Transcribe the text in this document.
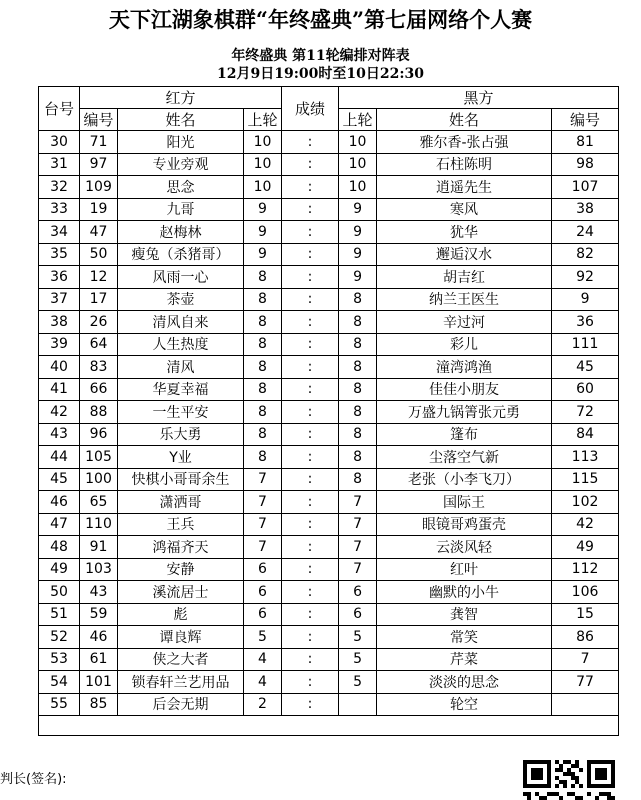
天下江湖象棋群“年终盛典”第七届网络个人赛
年终盛典 第11轮编排对阵表
12月9日19:00时至10日22:30
台号	红方			成绩	黑方		
	编号	姓名	上轮		上轮	姓名	编号
30	71	阳光	10	:	10	雅尔香-张占强	81
31	97	专业旁观	10	:	10	石柱陈明	98
32	109	思念	10	:	10	逍遥先生	107
33	19	九哥	9	:	9	寒风	38
34	47	赵梅林	9	:	9	犹华	24
35	50	瘦兔（杀猪哥）	9	:	9	邂逅汉水	82
36	12	风雨一心	8	:	9	胡吉红	92
37	17	茶壶	8	:	8	纳兰王医生	9
38	26	清风自来	8	:	8	辛过河	36
39	64	人生热度	8	:	8	彩儿	111
40	83	清风	8	:	8	潼湾鸿渔	45
41	66	华夏幸福	8	:	8	佳佳小朋友	60
42	88	一生平安	8	:	8	万盛九锅箐张元勇	72
43	96	乐大勇	8	:	8	篷布	84
44	105	Y业	8	:	8	尘落空气新	113
45	100	快棋小哥哥余生	7	:	8	老张（小李飞刀）	115
46	65	潇洒哥	7	:	7	国际王	102
47	110	王兵	7	:	7	眼镜哥鸡蛋壳	42
48	91	鸿福齐天	7	:	7	云淡风轻	49
49	103	安静	6	:	7	红叶	112
50	43	溪流居士	6	:	6	幽默的小牛	106
51	59	彪	6	:	6	龚智	15
52	46	谭良辉	5	:	5	常笑	86
53	61	侠之大者	4	:	5	芹菜	7
54	101	锁春轩兰艺用品	4	:	5	淡淡的思念	77
55	85	后会无期	2	:		轮空	

判长(签名):
